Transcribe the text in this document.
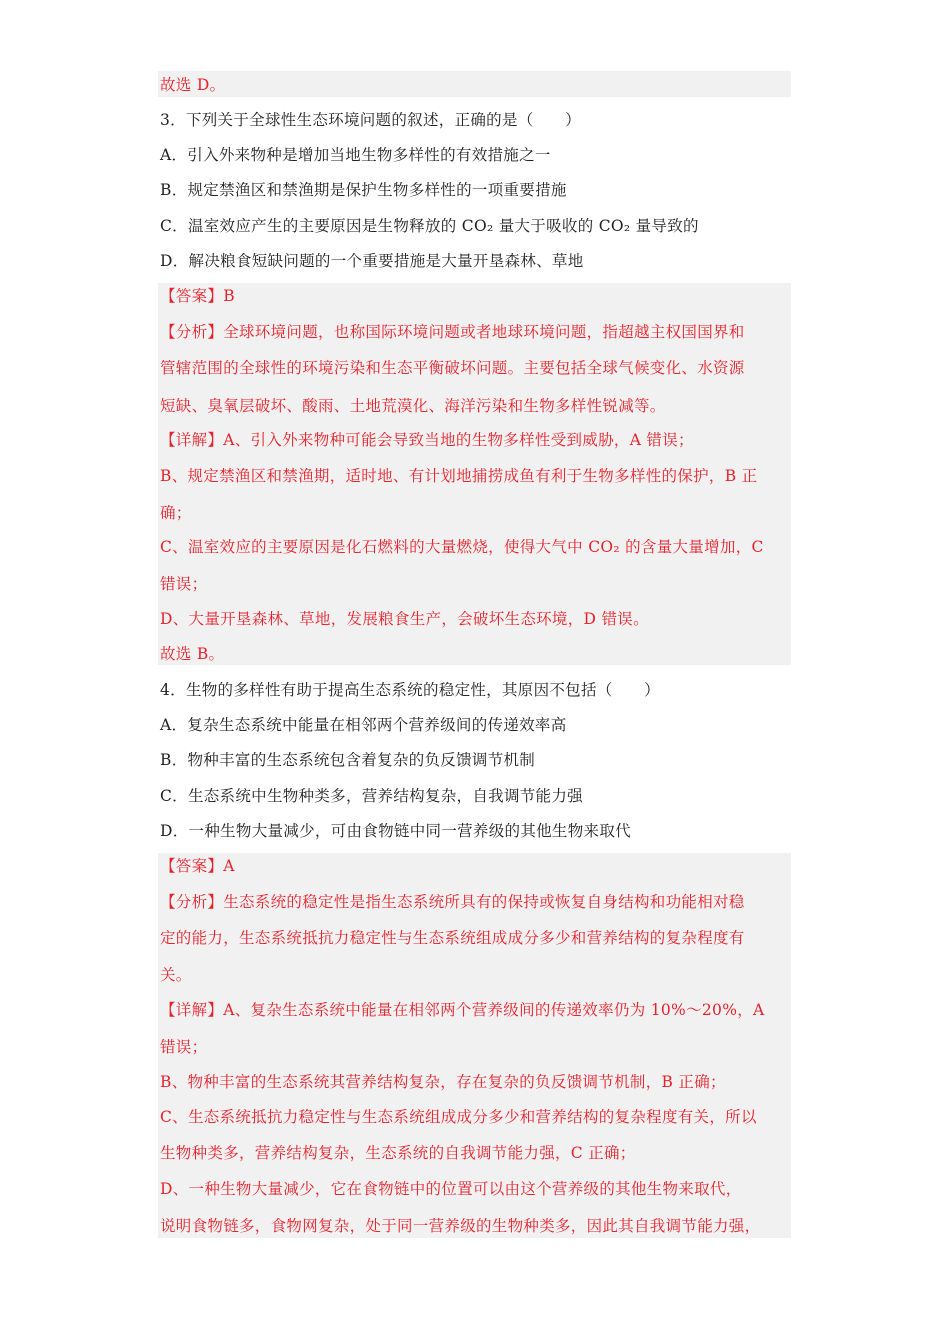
故选 D。
3．下列关于全球性生态环境问题的叙述，正确的是（　　）
A．引入外来物种是增加当地生物多样性的有效措施之一
B．规定禁渔区和禁渔期是保护生物多样性的一项重要措施
C．温室效应产生的主要原因是生物释放的 CO₂ 量大于吸收的 CO₂ 量导致的
D．解决粮食短缺问题的一个重要措施是大量开垦森林、草地
【答案】B
【分析】全球环境问题，也称国际环境问题或者地球环境问题，指超越主权国国界和
管辖范围的全球性的环境污染和生态平衡破坏问题。主要包括全球气候变化、水资源
短缺、臭氧层破坏、酸雨、土地荒漠化、海洋污染和生物多样性锐减等。
【详解】A、引入外来物种可能会导致当地的生物多样性受到威胁，A 错误；
B、规定禁渔区和禁渔期，适时地、有计划地捕捞成鱼有利于生物多样性的保护，B 正
确；
C、温室效应的主要原因是化石燃料的大量燃烧，使得大气中 CO₂ 的含量大量增加，C
错误；
D、大量开垦森林、草地，发展粮食生产，会破坏生态环境，D 错误。
故选 B。
4．生物的多样性有助于提高生态系统的稳定性，其原因不包括（　　）
A．复杂生态系统中能量在相邻两个营养级间的传递效率高
B．物种丰富的生态系统包含着复杂的负反馈调节机制
C．生态系统中生物种类多，营养结构复杂，自我调节能力强
D．一种生物大量减少，可由食物链中同一营养级的其他生物来取代
【答案】A
【分析】生态系统的稳定性是指生态系统所具有的保持或恢复自身结构和功能相对稳
定的能力，生态系统抵抗力稳定性与生态系统组成成分多少和营养结构的复杂程度有
关。
【详解】A、复杂生态系统中能量在相邻两个营养级间的传递效率仍为 10%～20%，A
错误；
B、物种丰富的生态系统其营养结构复杂，存在复杂的负反馈调节机制，B 正确；
C、生态系统抵抗力稳定性与生态系统组成成分多少和营养结构的复杂程度有关，所以
生物种类多，营养结构复杂，生态系统的自我调节能力强，C 正确；
D、一种生物大量减少，它在食物链中的位置可以由这个营养级的其他生物来取代，
说明食物链多，食物网复杂，处于同一营养级的生物种类多，因此其自我调节能力强，
